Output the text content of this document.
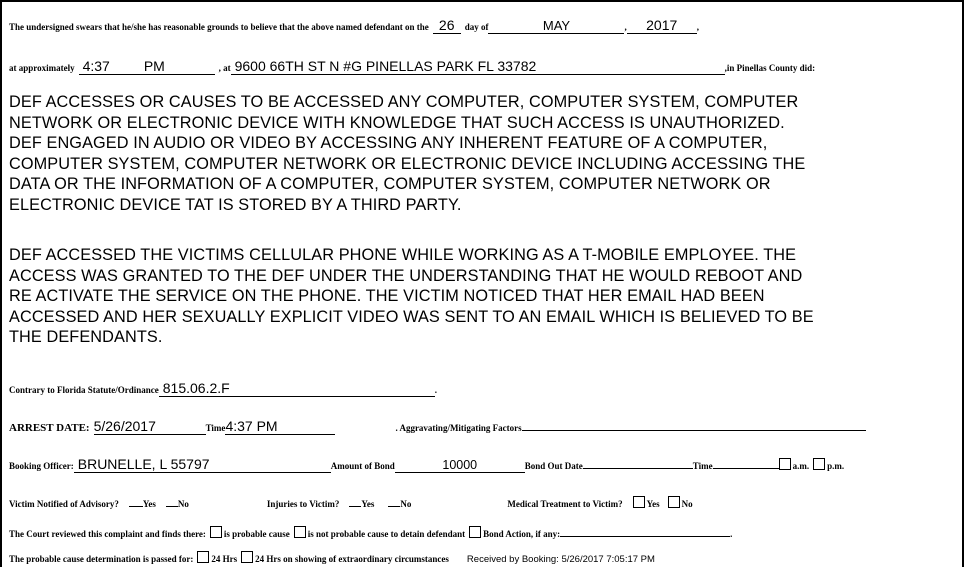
The undersigned swears that he/she has reasonable grounds to believe that the above named defendant on the 26 day of	MAY	, 2017 ,
at approximately 4:37 PM	, at 9600 66TH ST N #G PINELLAS PARK FL 33782	,in Pinellas County did:

DEF ACCESSES OR CAUSES TO BE ACCESSED ANY COMPUTER, COMPUTER SYSTEM, COMPUTER
NETWORK OR ELECTRONIC DEVICE WITH KNOWLEDGE THAT SUCH ACCESS IS UNAUTHORIZED.
DEF ENGAGED IN AUDIO OR VIDEO BY ACCESSING ANY INHERENT FEATURE OF A COMPUTER,
COMPUTER SYSTEM, COMPUTER NETWORK OR ELECTRONIC DEVICE INCLUDING ACCESSING THE
DATA OR THE INFORMATION OF A COMPUTER, COMPUTER SYSTEM, COMPUTER NETWORK OR
ELECTRONIC DEVICE TAT IS STORED BY A THIRD PARTY.

DEF ACCESSED THE VICTIMS CELLULAR PHONE WHILE WORKING AS A T-MOBILE EMPLOYEE. THE
ACCESS WAS GRANTED TO THE DEF UNDER THE UNDERSTANDING THAT HE WOULD REBOOT AND
RE ACTIVATE THE SERVICE ON THE PHONE. THE VICTIM NOTICED THAT HER EMAIL HAD BEEN
ACCESSED AND HER SEXUALLY EXPLICIT VIDEO WAS SENT TO AN EMAIL WHICH IS BELIEVED TO BE
THE DEFENDANTS.

Contrary to Florida Statute/Ordinance 815.06.2.F	.
ARREST DATE: 5/26/2017	Time4:37 PM	. Aggravating/Mitigating Factors
Booking Officer: BRUNELLE, L 55797	Amount of Bond	10000	Bond Out Date	Time	a.m. p.m.
Victim Notified of Advisory?	Yes No	Injuries to Victim? Yes	No	Medical Treatment to Victim?	Yes No
The Court reviewed this complaint and finds there: is probable cause is not probable cause to detain defendant Bond Action, if any:	.
The probable cause determination is passed for: 24 Hrs 24 Hrs on showing of extraordinary circumstances Received by Booking: 5/26/2017 7:05:17 PM
